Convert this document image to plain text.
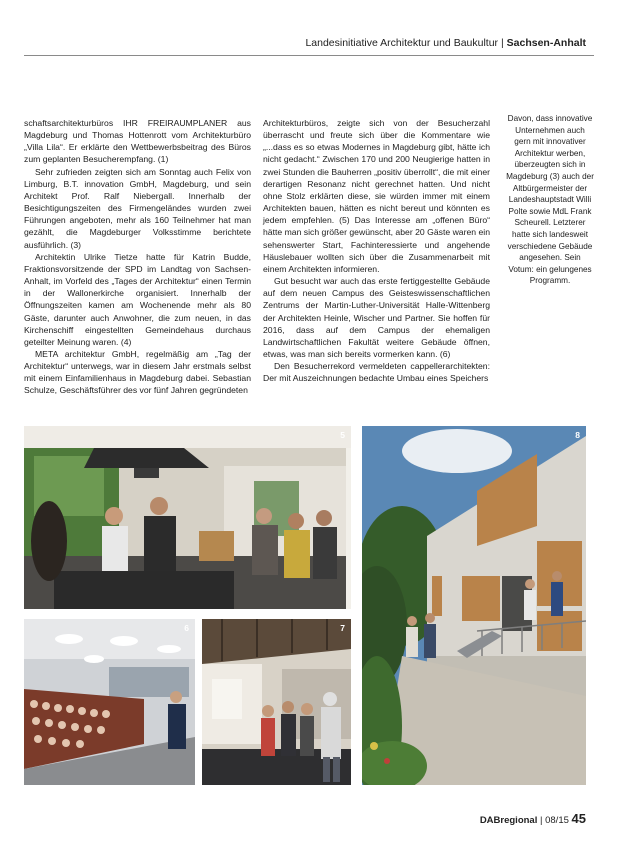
Landesinitiative Architektur und Baukultur | Sachsen-Anhalt

schaftsarchitekturbüros IHR FREIRAUMPLANER aus Magdeburg und Thomas Hottenrott vom Architekturbüro „Villa Lila“. Er erklärte den Wettbewerbsbeitrag des Büros zum geplanten Besucherempfang. (1)

Sehr zufrieden zeigten sich am Sonntag auch Felix von Limburg, B.T. innovation GmbH, Magdeburg, und sein Architekt Prof. Ralf Niebergall. Innerhalb der Besichtigungszeiten des Firmengeländes wurden zwei Führungen angeboten, mehr als 160 Teilnehmer hat man gezählt, die Magdeburger Volksstimme berichtete ausführlich. (3)

Architektin Ulrike Tietze hatte für Katrin Budde, Fraktionsvorsitzende der SPD im Landtag von Sachsen-Anhalt, im Vorfeld des „Tages der Architektur“ einen Termin in der Wallonerkirche organisiert. Innerhalb der Öffnungszeiten kamen am Wochenende mehr als 80 Gäste, darunter auch Anwohner, die zum neuen, in das Kirchenschiff eingestellten Gemeindehaus durchaus geteilter Meinung waren. (4)

META architektur GmbH, regelmäßig am „Tag der Architektur“ unterwegs, war in diesem Jahr erstmals selbst mit einem Einfamilienhaus in Magdeburg dabei. Sebastian Schulze, Geschäftsführer des vor fünf Jahren gegründeten

Architekturbüros, zeigte sich von der Besucherzahl überrascht und freute sich über die Kommentare wie „...dass es so etwas Modernes in Magdeburg gibt, hätte ich nicht gedacht.“ Zwischen 170 und 200 Neugierige hatten in zwei Stunden die Bauherren „positiv überrollt“, die mit einer derartigen Resonanz nicht gerechnet hatten. Und nicht ohne Stolz erklärten diese, sie würden immer mit einem Architekten bauen, hätten es nicht bereut und könnten es jedem empfehlen. (5) Das Interesse am „offenen Büro“ hätte man sich größer gewünscht, aber 20 Gäste waren ein sehenswerter Start, Fachinteressierte und angehende Häuslebauer wollten sich über die Zusammenarbeit mit einem Architekten informieren.

Gut besucht war auch das erste fertiggestellte Gebäude auf dem neuen Campus des Geisteswissenschaftlichen Zentrums der Martin-Luther-Universität Halle-Wittenberg der Architekten Heinle, Wischer und Partner. Sie hoffen für 2016, dass auf dem Campus der ehemaligen Landwirtschaftlichen Fakultät weitere Gebäude öffnen, etwas, was man sich bereits vormerken kann. (6)

Den Besucherrekord vermeldeten cappellerarchitekten: Der mit Auszeichnungen bedachte Umbau eines Speichers

Davon, dass innovative Unternehmen auch gern mit innovativer Architektur werben, überzeugten sich in Magdeburg (3) auch der Altbürgermeister der Landeshauptstadt Willi Polte sowie MdL Frank Scheurell. Letzterer hatte sich landesweit verschiedene Gebäude angesehen. Sein Votum: ein gelungenes Programm.
5
6	7
8
DABregional | 08/15 45
